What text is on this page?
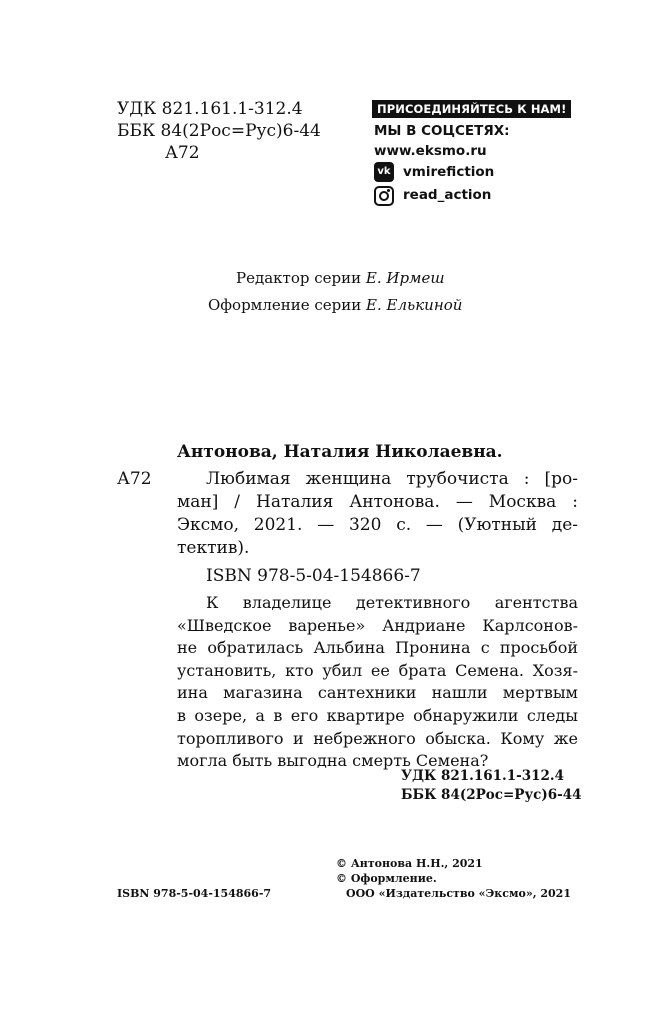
УДК 821.161.1-312.4
ББК 84(2Рос=Рус)6-44
А72
ПРИСОЕДИНЯЙТЕСЬ К НАМ!
МЫ В СОЦСЕТЯХ:
www.eksmo.ru
vk vmirefiction
read_action
Редактор серии Е. Ирмеш
Оформление серии Е. Елькиной
Антонова, Наталия Николаевна.
А72	Любимая женщина трубочиста : [ро-
ман] / Наталия Антонова. — Москва :
Эксмо, 2021. — 320 с. — (Уютный де-
тектив).
ISBN 978-5-04-154866-7
К владелице детективного агентства
«Шведское варенье» Андриане Карлсонов-
не обратилась Альбина Пронина с просьбой
установить, кто убил ее брата Семена. Хозя-
ина магазина сантехники нашли мертвым
в озере, а в его квартире обнаружили следы
торопливого и небрежного обыска. Кому же
могла быть выгодна смерть Семена?
УДК 821.161.1-312.4
ББК 84(2Рос=Рус)6-44
© Антонова Н.Н., 2021
© Оформление.
ISBN 978-5-04-154866-7	ООО «Издательство «Эксмо», 2021
